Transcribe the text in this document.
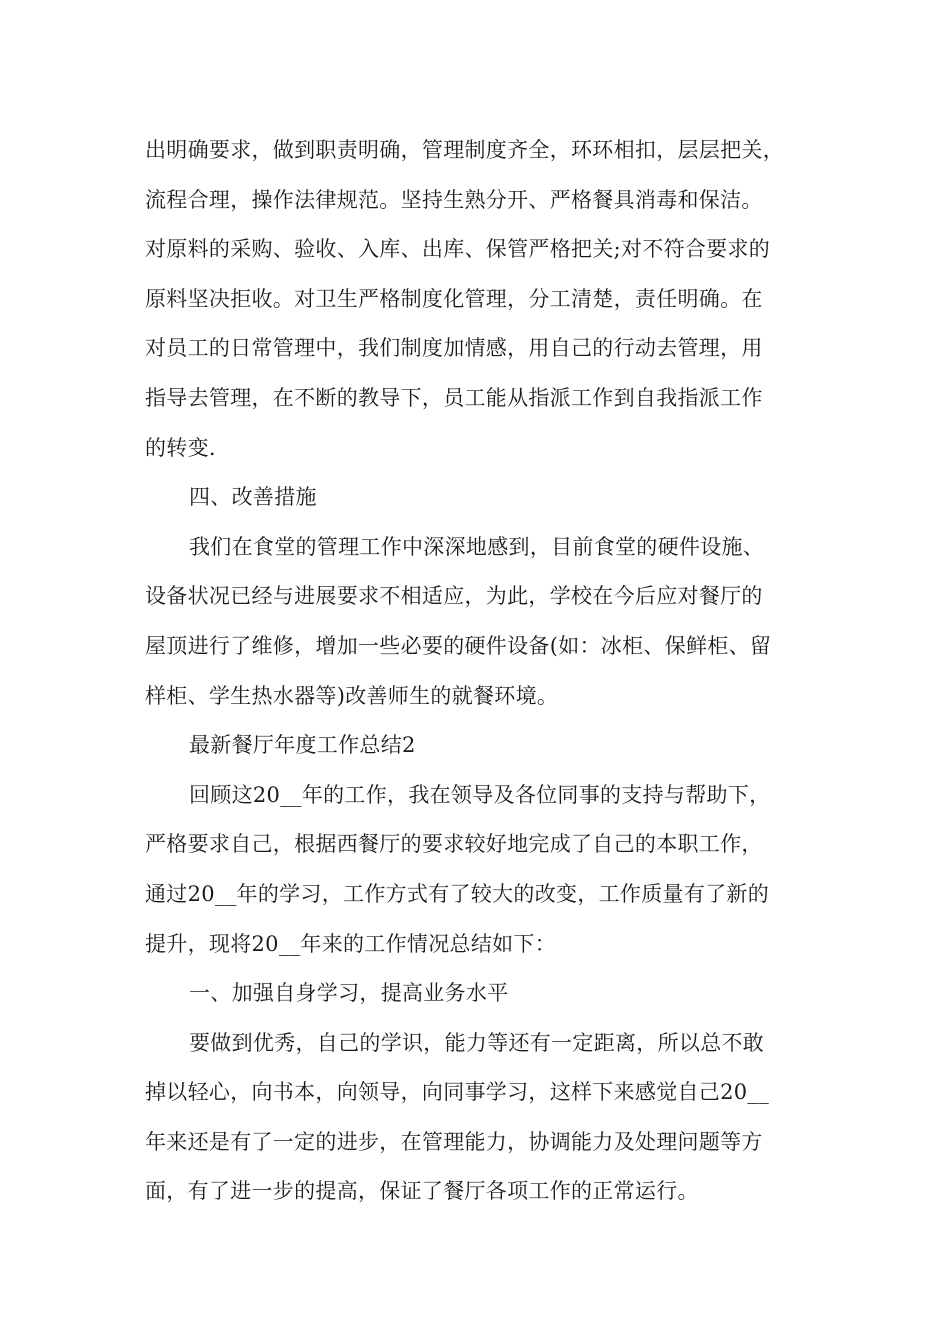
出明确要求，做到职责明确，管理制度齐全，环环相扣，层层把关，
流程合理，操作法律规范。坚持生熟分开、严格餐具消毒和保洁。
对原料的采购、验收、入库、出库、保管严格把关;对不符合要求的
原料坚决拒收。对卫生严格制度化管理，分工清楚，责任明确。在
对员工的日常管理中，我们制度加情感，用自己的行动去管理，用
指导去管理，在不断的教导下，员工能从指派工作到自我指派工作
的转变.
四、改善措施
我们在食堂的管理工作中深深地感到，目前食堂的硬件设施、
设备状况已经与进展要求不相适应，为此，学校在今后应对餐厅的
屋顶进行了维修，增加一些必要的硬件设备(如：冰柜、保鲜柜、留
样柜、学生热水器等)改善师生的就餐环境。
最新餐厅年度工作总结2
回顾这20__年的工作，我在领导及各位同事的支持与帮助下，
严格要求自己，根据西餐厅的要求较好地完成了自己的本职工作，
通过20__年的学习，工作方式有了较大的改变，工作质量有了新的
提升，现将20__年来的工作情况总结如下：
一、加强自身学习，提高业务水平
要做到优秀，自己的学识，能力等还有一定距离，所以总不敢
掉以轻心，向书本，向领导，向同事学习，这样下来感觉自己20__
年来还是有了一定的进步，在管理能力，协调能力及处理问题等方
面，有了进一步的提高，保证了餐厅各项工作的正常运行。
